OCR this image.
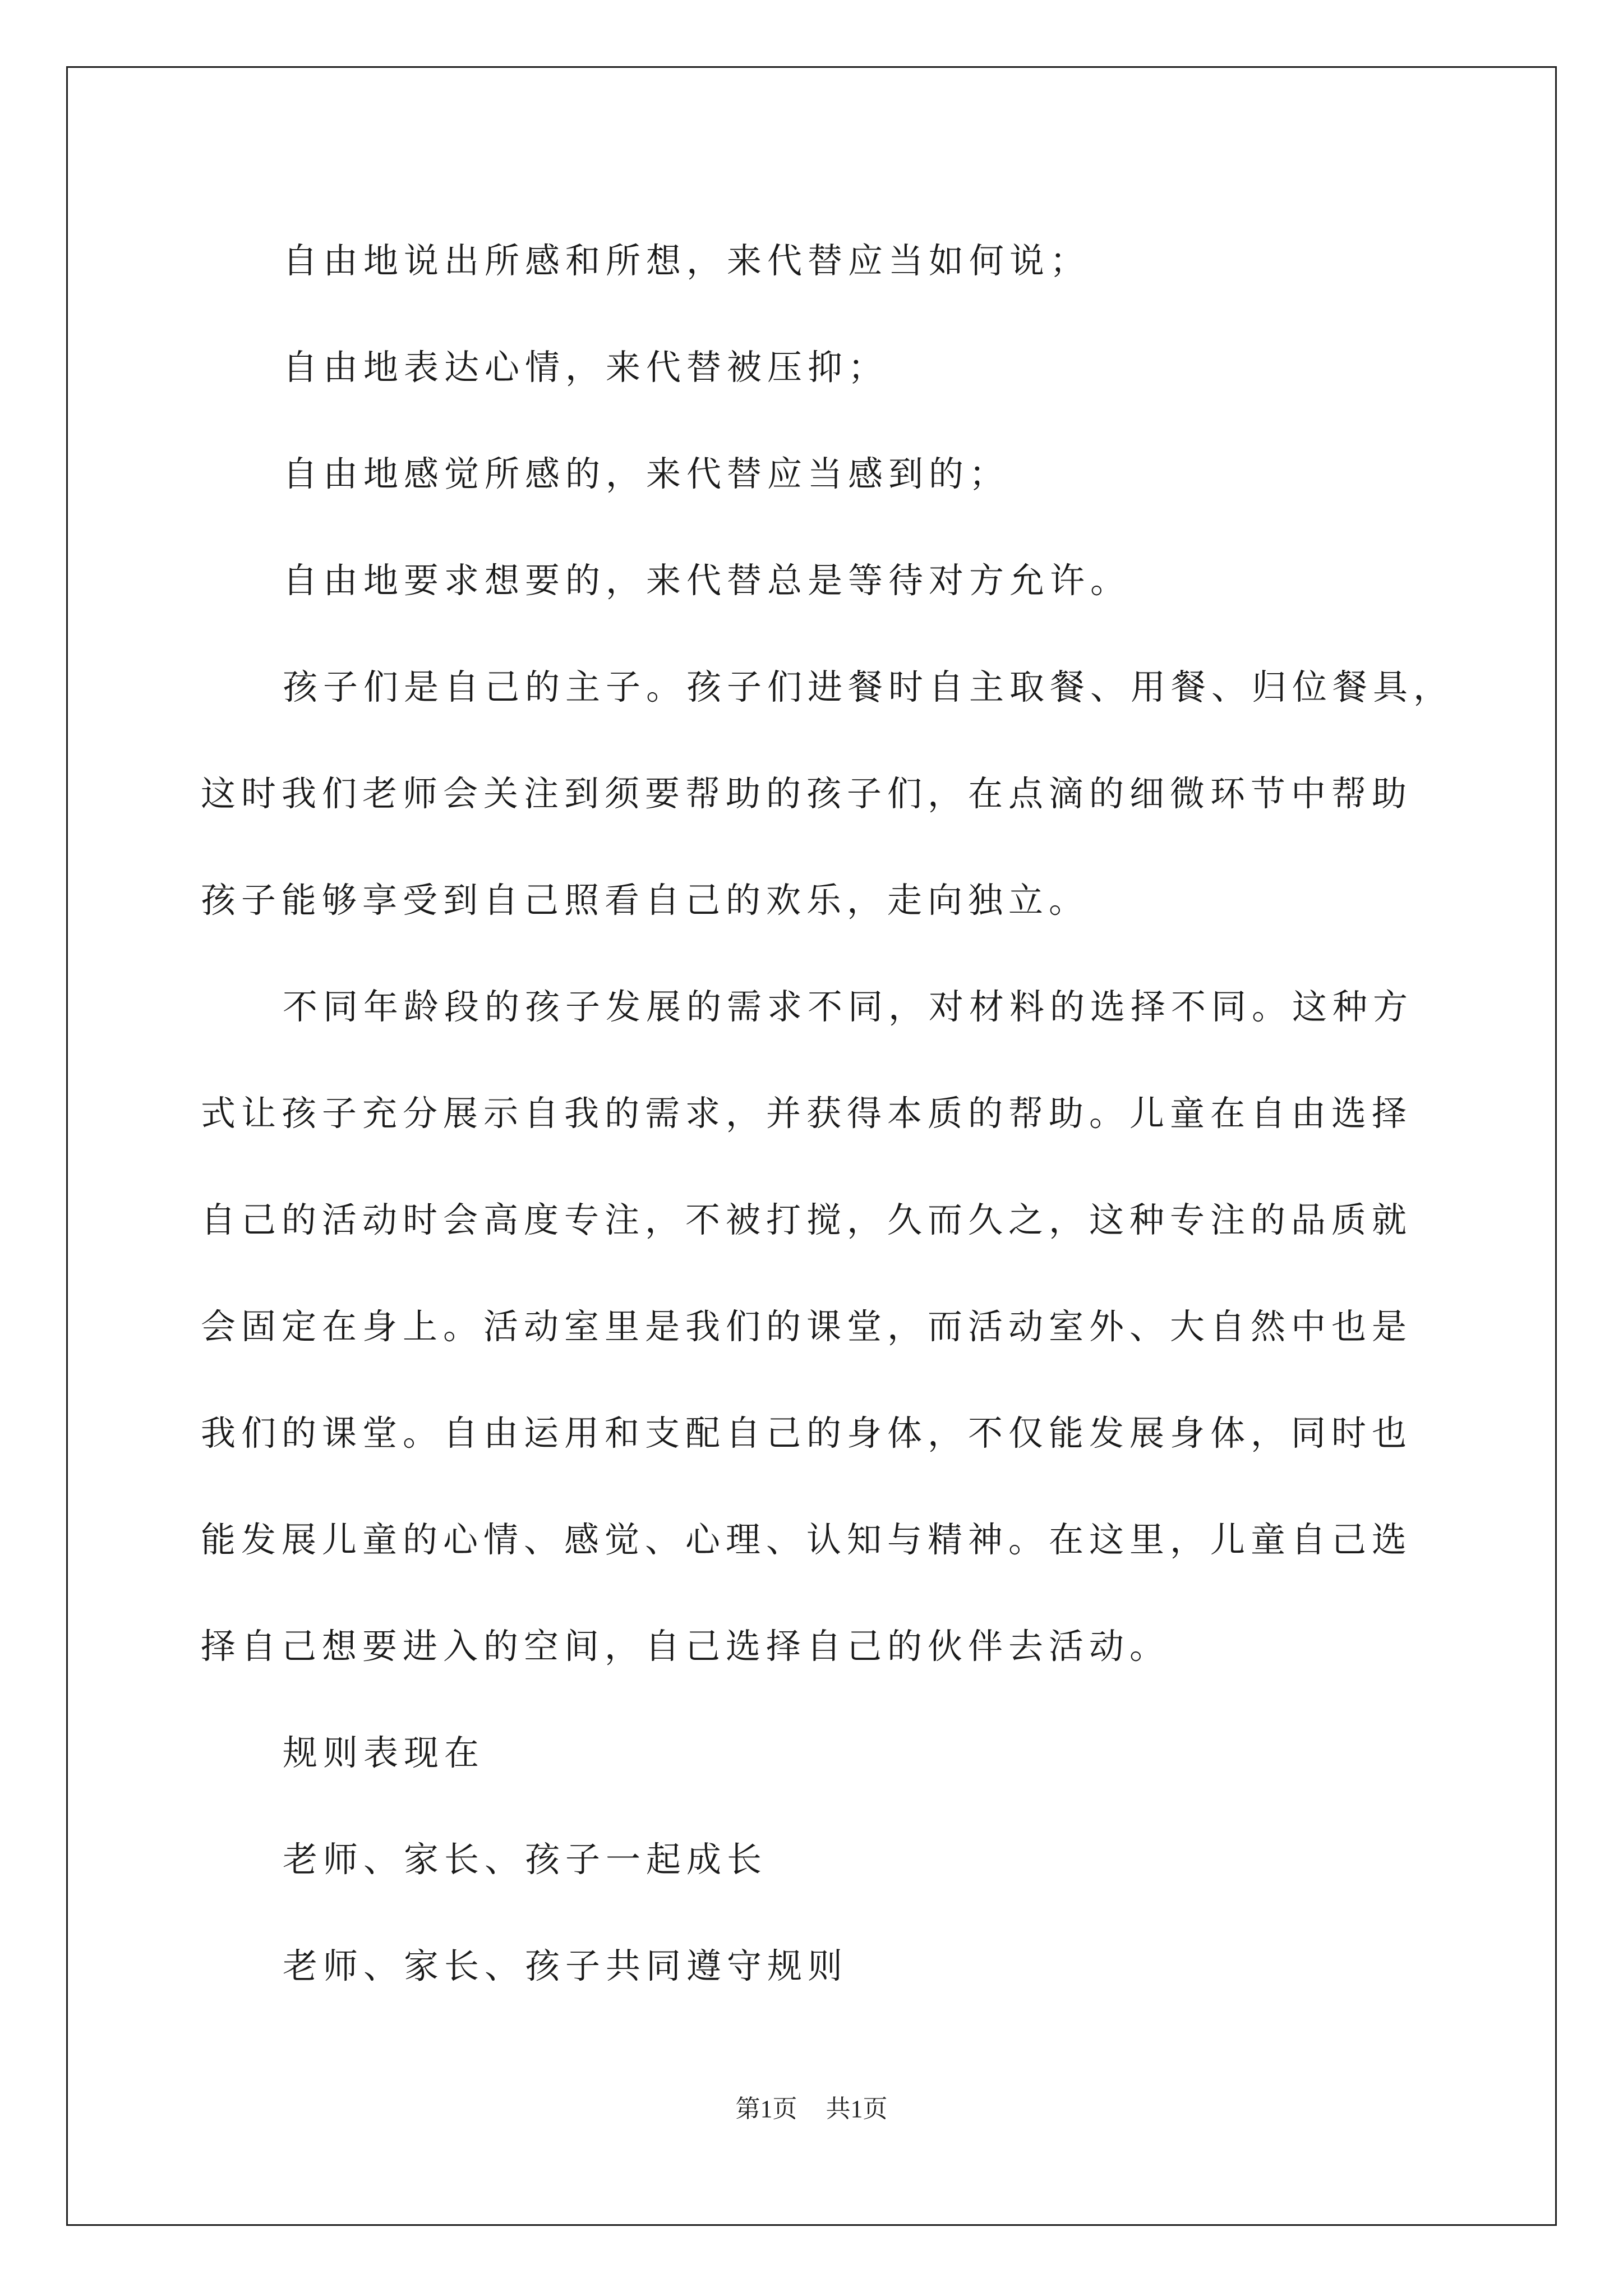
自由地说出所感和所想，来代替应当如何说；

自由地表达心情，来代替被压抑；

自由地感觉所感的，来代替应当感到的；

自由地要求想要的，来代替总是等待对方允许。

孩子们是自己的主子。孩子们进餐时自主取餐、用餐、归位餐具，

这时我们老师会关注到须要帮助的孩子们，在点滴的细微环节中帮助

孩子能够享受到自己照看自己的欢乐，走向独立。

不同年龄段的孩子发展的需求不同，对材料的选择不同。这种方

式让孩子充分展示自我的需求，并获得本质的帮助。儿童在自由选择

自己的活动时会高度专注，不被打搅，久而久之，这种专注的品质就

会固定在身上。活动室里是我们的课堂，而活动室外、大自然中也是

我们的课堂。自由运用和支配自己的身体，不仅能发展身体，同时也

能发展儿童的心情、感觉、心理、认知与精神。在这里，儿童自己选

择自己想要进入的空间，自己选择自己的伙伴去活动。

规则表现在

老师、家长、孩子一起成长

老师、家长、孩子共同遵守规则

第1页 共1页
